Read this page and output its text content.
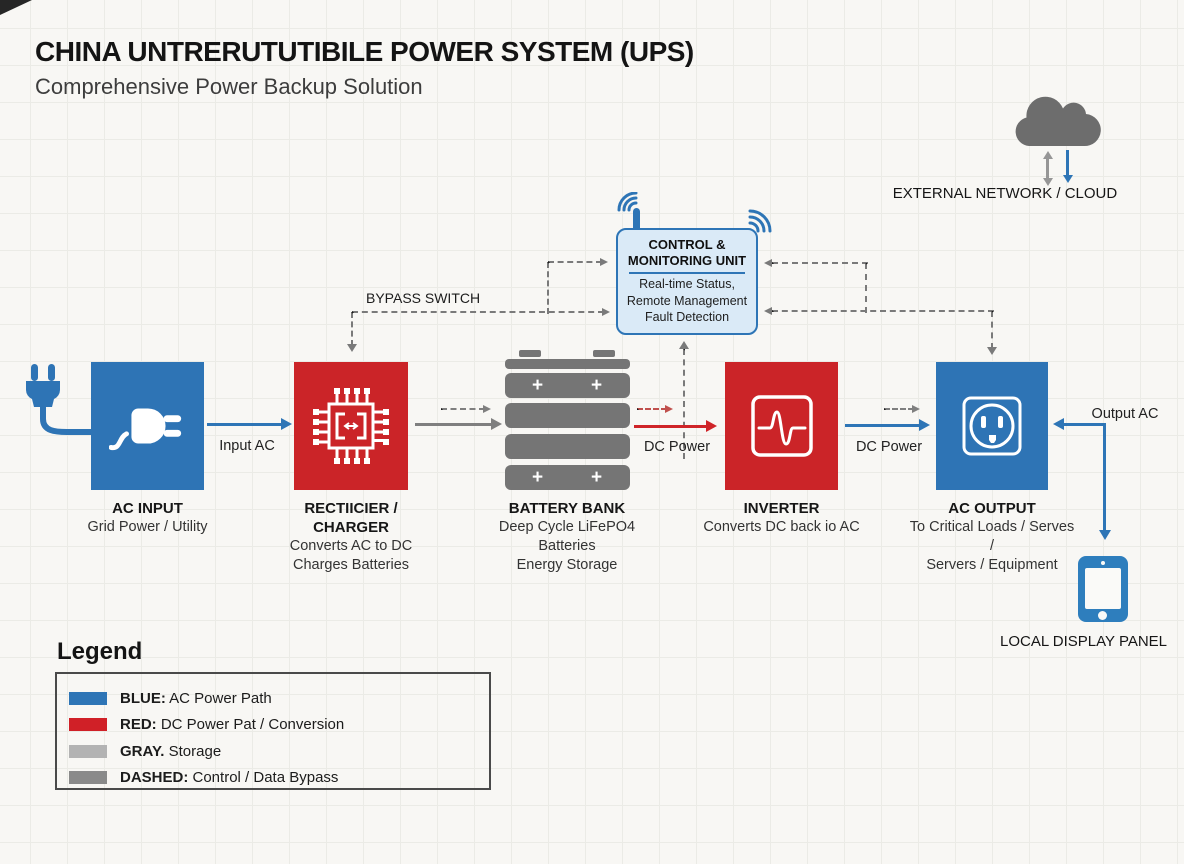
CHINA UNTRERUTUTIBILE POWER SYSTEM (UPS)
Comprehensive Power Backup Solution
EXTERNAL NETWORK / CLOUD
CONTROL &
MONITORING UNIT
Real-time Status,
Remote Management
Fault Detection
BYPASS SWITCH
Input AC
AC INPUT
Grid Power / Utility
RECTIICIER / CHARGER
Converts AC to DC
Charges Batteries
+	+
+	+
DC Power
BATTERY BANK
Deep Cycle LiFePO4 Batteries
Energy Storage
DC Power
INVERTER
Converts DC back io AC
AC OUTPUT
To Critical Loads / Serves /
Servers / Equipment
Output AC
LOCAL DISPLAY PANEL
Legend
BLUE: AC Power Path
RED: DC Power Pat / Conversion
GRAY. Storage
DASHED: Control / Data Bypass
